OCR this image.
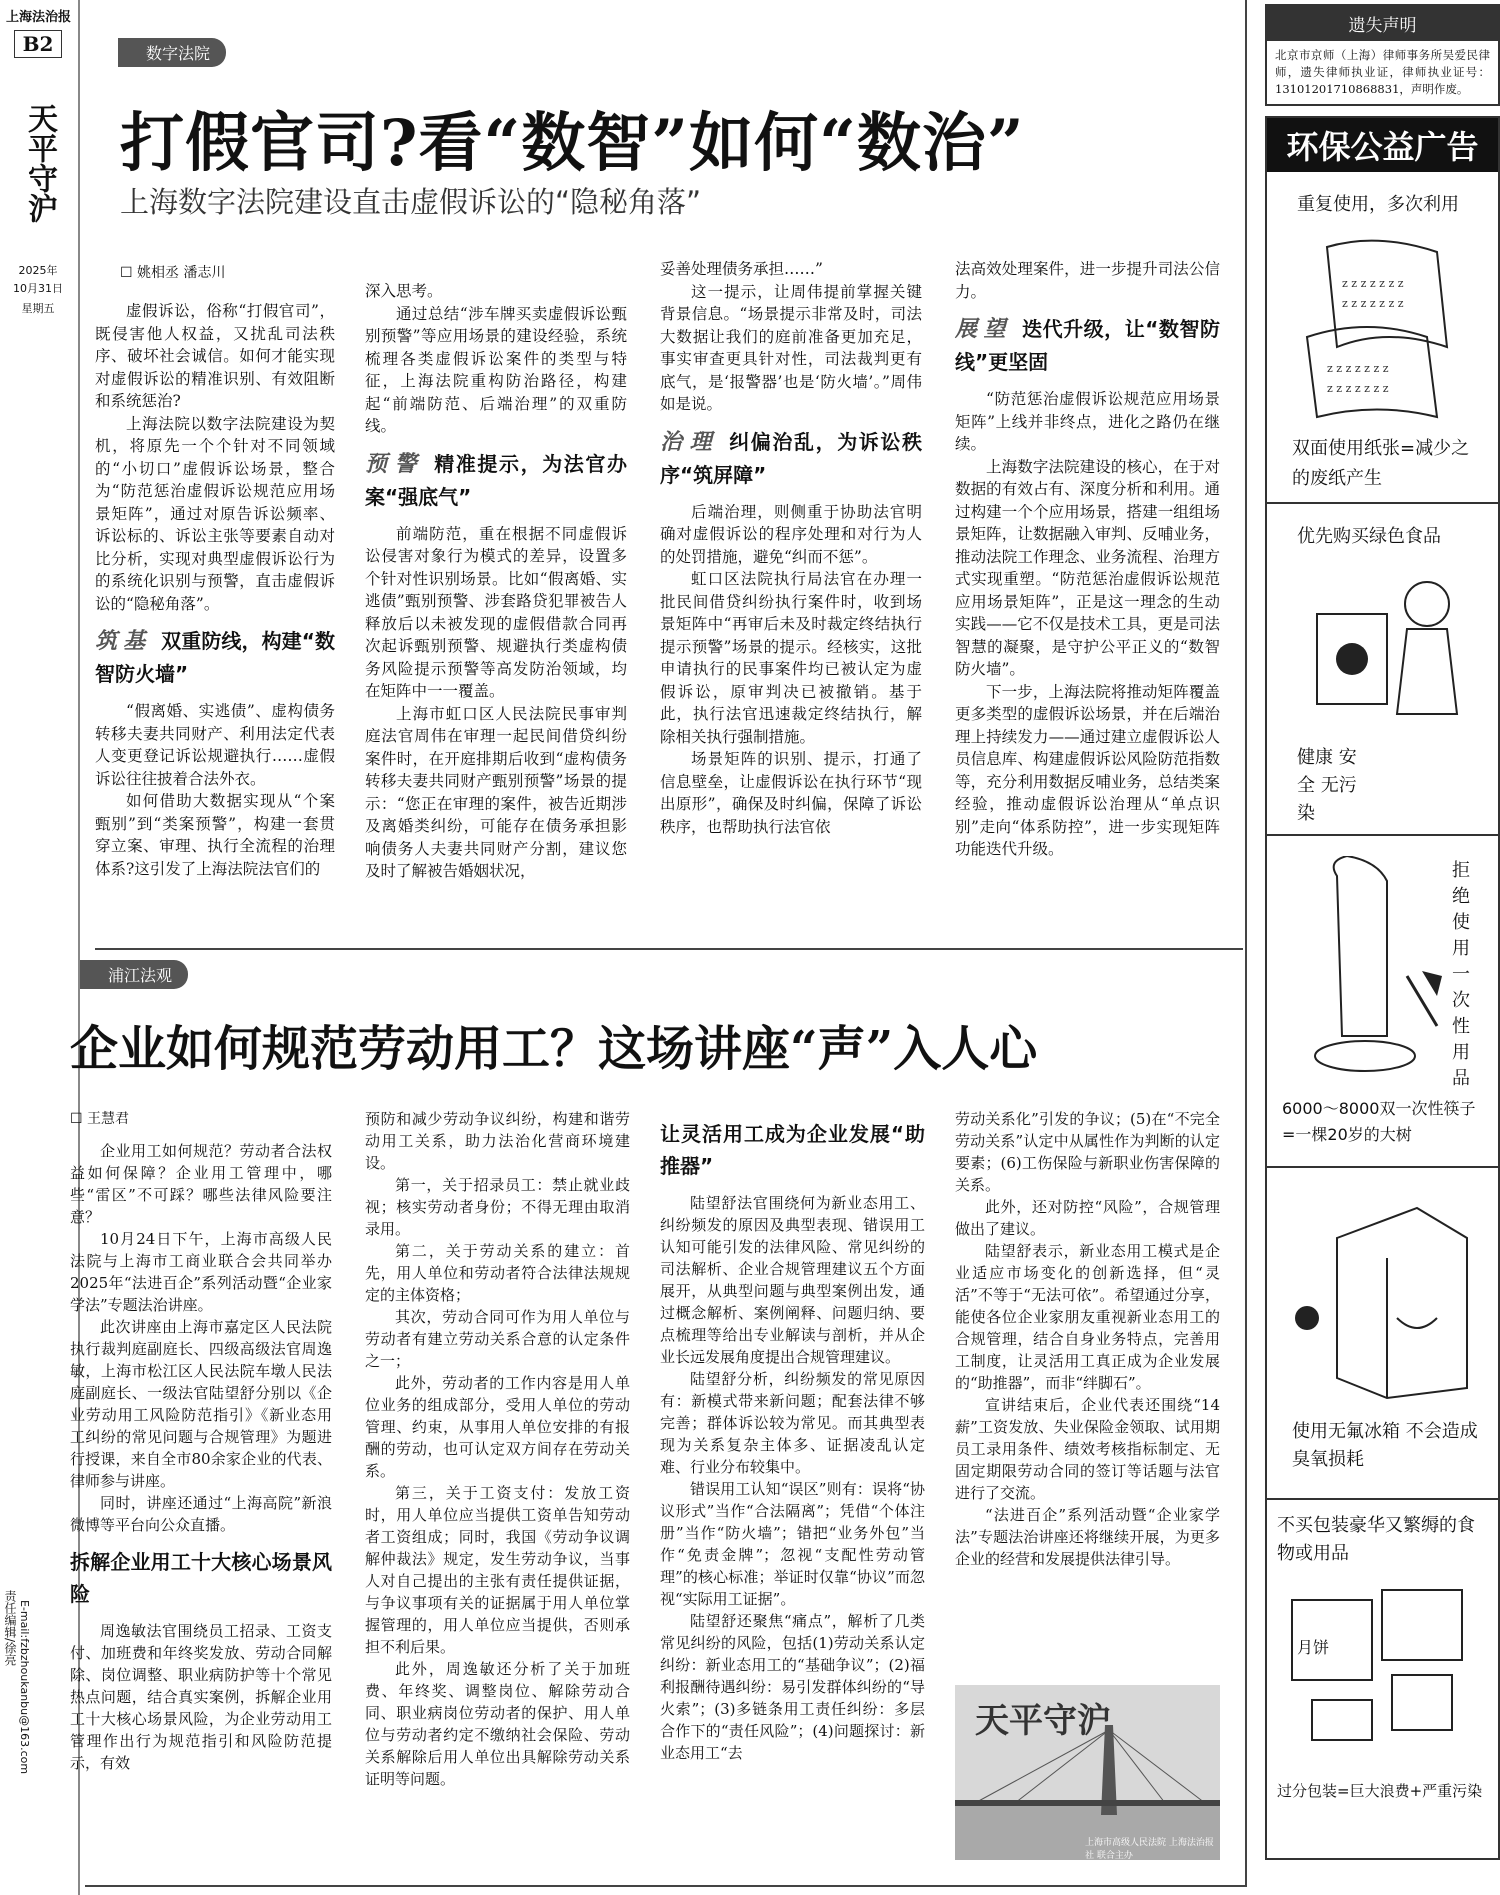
上海法治报
B2
天平守沪
2025年
10月31日
星期五
责任编辑/徐亮 E-mail:fzbzhoukanbu@163.com
数字法院
打假官司?看“数智”如何“数治”
上海数字法院建设直击虚假诉讼的“隐秘角落”
☐ 姚相丞 潘志川

虚假诉讼，俗称“打假官司”，既侵害他人权益，又扰乱司法秩序、破坏社会诚信。如何才能实现对虚假诉讼的精准识别、有效阻断和系统惩治?

上海法院以数字法院建设为契机，将原先一个个针对不同领域的“小切口”虚假诉讼场景，整合为“防范惩治虚假诉讼规范应用场景矩阵”，通过对原告诉讼频率、诉讼标的、诉讼主张等要素自动对比分析，实现对典型虚假诉讼行为的系统化识别与预警，直击虚假诉讼的“隐秘角落”。

筑基 双重防线，构建“数智防火墙”

“假离婚、实逃债”、虚构债务转移夫妻共同财产、利用法定代表人变更登记诉讼规避执行……虚假诉讼往往披着合法外衣。

如何借助大数据实现从“个案甄别”到“类案预警”，构建一套贯穿立案、审理、执行全流程的治理体系?这引发了上海法院法官们的

深入思考。

通过总结“涉车牌买卖虚假诉讼甄别预警”等应用场景的建设经验，系统梳理各类虚假诉讼案件的类型与特征，上海法院重构防治路径，构建起“前端防范、后端治理”的双重防线。

预警 精准提示，为法官办案“强底气”

前端防范，重在根据不同虚假诉讼侵害对象行为模式的差异，设置多个针对性识别场景。比如“假离婚、实逃债”甄别预警、涉套路贷犯罪被告人释放后以未被发现的虚假借款合同再次起诉甄别预警、规避执行类虚构债务风险提示预警等高发防治领域，均在矩阵中一一覆盖。

上海市虹口区人民法院民事审判庭法官周伟在审理一起民间借贷纠纷案件时，在开庭排期后收到“虚构债务转移夫妻共同财产甄别预警”场景的提示：“您正在审理的案件，被告近期涉及离婚类纠纷，可能存在债务承担影响债务人夫妻共同财产分割，建议您及时了解被告婚姻状况，

妥善处理债务承担……”

这一提示，让周伟提前掌握关键背景信息。“场景提示非常及时，司法大数据让我们的庭前准备更加充足，事实审查更具针对性，司法裁判更有底气，是‘报警器’也是‘防火墙’。”周伟如是说。

治理 纠偏治乱，为诉讼秩序“筑屏障”

后端治理，则侧重于协助法官明确对虚假诉讼的程序处理和对行为人的处罚措施，避免“纠而不惩”。

虹口区法院执行局法官在办理一批民间借贷纠纷执行案件时，收到场景矩阵中“再审后未及时裁定终结执行提示预警”场景的提示。经核实，这批申请执行的民事案件均已被认定为虚假诉讼，原审判决已被撤销。基于此，执行法官迅速裁定终结执行，解除相关执行强制措施。

场景矩阵的识别、提示，打通了信息壁垒，让虚假诉讼在执行环节“现出原形”，确保及时纠偏，保障了诉讼秩序，也帮助执行法官依

法高效处理案件，进一步提升司法公信力。

展望 迭代升级，让“数智防线”更坚固

“防范惩治虚假诉讼规范应用场景矩阵”上线并非终点，进化之路仍在继续。

上海数字法院建设的核心，在于对数据的有效占有、深度分析和利用。通过构建一个个应用场景，搭建一组组场景矩阵，让数据融入审判、反哺业务，推动法院工作理念、业务流程、治理方式实现重塑。“防范惩治虚假诉讼规范应用场景矩阵”，正是这一理念的生动实践——它不仅是技术工具，更是司法智慧的凝聚，是守护公平正义的“数智防火墙”。

下一步，上海法院将推动矩阵覆盖更多类型的虚假诉讼场景，并在后端治理上持续发力——通过建立虚假诉讼人员信息库、构建虚假诉讼风险防范指数等，充分利用数据反哺业务，总结类案经验，推动虚假诉讼治理从“单点识别”走向“体系防控”，进一步实现矩阵功能迭代升级。

浦江法观
企业如何规范劳动用工？这场讲座“声”入人心
☐ 王慧君

企业用工如何规范？劳动者合法权益如何保障？企业用工管理中，哪些“雷区”不可踩？哪些法律风险要注意？

10月24日下午，上海市高级人民法院与上海市工商业联合会共同举办2025年“法进百企”系列活动暨“企业家学法”专题法治讲座。

此次讲座由上海市嘉定区人民法院执行裁判庭副庭长、四级高级法官周逸敏，上海市松江区人民法院车墩人民法庭副庭长、一级法官陆望舒分别以《企业劳动用工风险防范指引》《新业态用工纠纷的常见问题与合规管理》为题进行授课，来自全市80余家企业的代表、律师参与讲座。

同时，讲座还通过“上海高院”新浪微博等平台向公众直播。

拆解企业用工十大核心场景风险

周逸敏法官围绕员工招录、工资支付、加班费和年终奖发放、劳动合同解除、岗位调整、职业病防护等十个常见热点问题，结合真实案例，拆解企业用工十大核心场景风险，为企业劳动用工管理作出行为规范指引和风险防范提示，有效

预防和减少劳动争议纠纷，构建和谐劳动用工关系，助力法治化营商环境建设。

第一，关于招录员工：禁止就业歧视；核实劳动者身份；不得无理由取消录用。

第二，关于劳动关系的建立：首先，用人单位和劳动者符合法律法规规定的主体资格；

其次，劳动合同可作为用人单位与劳动者有建立劳动关系合意的认定条件之一；

此外，劳动者的工作内容是用人单位业务的组成部分，受用人单位的劳动管理、约束，从事用人单位安排的有报酬的劳动，也可认定双方间存在劳动关系。

第三，关于工资支付：发放工资时，用人单位应当提供工资单告知劳动者工资组成；同时，我国《劳动争议调解仲裁法》规定，发生劳动争议，当事人对自己提出的主张有责任提供证据，与争议事项有关的证据属于用人单位掌握管理的，用人单位应当提供，否则承担不利后果。

此外，周逸敏还分析了关于加班费、年终奖、调整岗位、解除劳动合同、职业病岗位劳动者的保护、用人单位与劳动者约定不缴纳社会保险、劳动关系解除后用人单位出具解除劳动关系证明等问题。

让灵活用工成为企业发展“助推器”

陆望舒法官围绕何为新业态用工、纠纷频发的原因及典型表现、错误用工认知可能引发的法律风险、常见纠纷的司法解析、企业合规管理建议五个方面展开，从典型问题与典型案例出发，通过概念解析、案例阐释、问题归纳、要点梳理等给出专业解读与剖析，并从企业长远发展角度提出合规管理建议。

陆望舒分析，纠纷频发的常见原因有：新模式带来新问题；配套法律不够完善；群体诉讼较为常见。而其典型表现为关系复杂主体多、证据凌乱认定难、行业分布较集中。

错误用工认知“误区”则有：误将“协议形式”当作“合法隔离”；凭借“个体注册”当作“防火墙”；错把“业务外包”当作“免责金牌”；忽视“支配性劳动管理”的核心标准；举证时仅靠“协议”而忽视“实际用工证据”。

陆望舒还聚焦“痛点”，解析了几类常见纠纷的风险，包括(1)劳动关系认定纠纷：新业态用工的“基础争议”；(2)福利报酬待遇纠纷：易引发群体纠纷的“导火索”；(3)多链条用工责任纠纷：多层合作下的“责任风险”；(4)问题探讨：新业态用工“去

劳动关系化”引发的争议；(5)在“不完全劳动关系”认定中从属性作为判断的认定要素；(6)工伤保险与新职业伤害保障的关系。

此外，还对防控“风险”，合规管理做出了建议。

陆望舒表示，新业态用工模式是企业适应市场变化的创新选择，但“灵活”不等于“无法可依”。希望通过分享，能使各位企业家朋友重视新业态用工的合规管理，结合自身业务特点，完善用工制度，让灵活用工真正成为企业发展的“助推器”，而非“绊脚石”。

宣讲结束后，企业代表还围绕“14薪”工资发放、失业保险金领取、试用期员工录用条件、绩效考核指标制定、无固定期限劳动合同的签订等话题与法官进行了交流。

“法进百企”系列活动暨“企业家学法”专题法治讲座还将继续开展，为更多企业的经营和发展提供法律引导。

天平守沪
上海市高级人民法院 上海法治报社 联合主办
遗失声明
北京市京师（上海）律师事务所吴爱民律师，遗失律师执业证，律师执业证号：13101201710868831，声明作废。
环保公益广告
重复使用，多次利用
z z z z z z z
z z z z z z z
z z z z z z z
z z z z z z z
双面使用纸张=减少之的废纸产生
优先购买绿色食品
健康 安全 无污染
拒绝使用一次性用品
6000～8000双一次性筷子=一棵20岁的大树
使用无氟冰箱 不会造成臭氧损耗
不买包装豪华又繁缛的食物或用品
月饼
过分包装=巨大浪费+严重污染
